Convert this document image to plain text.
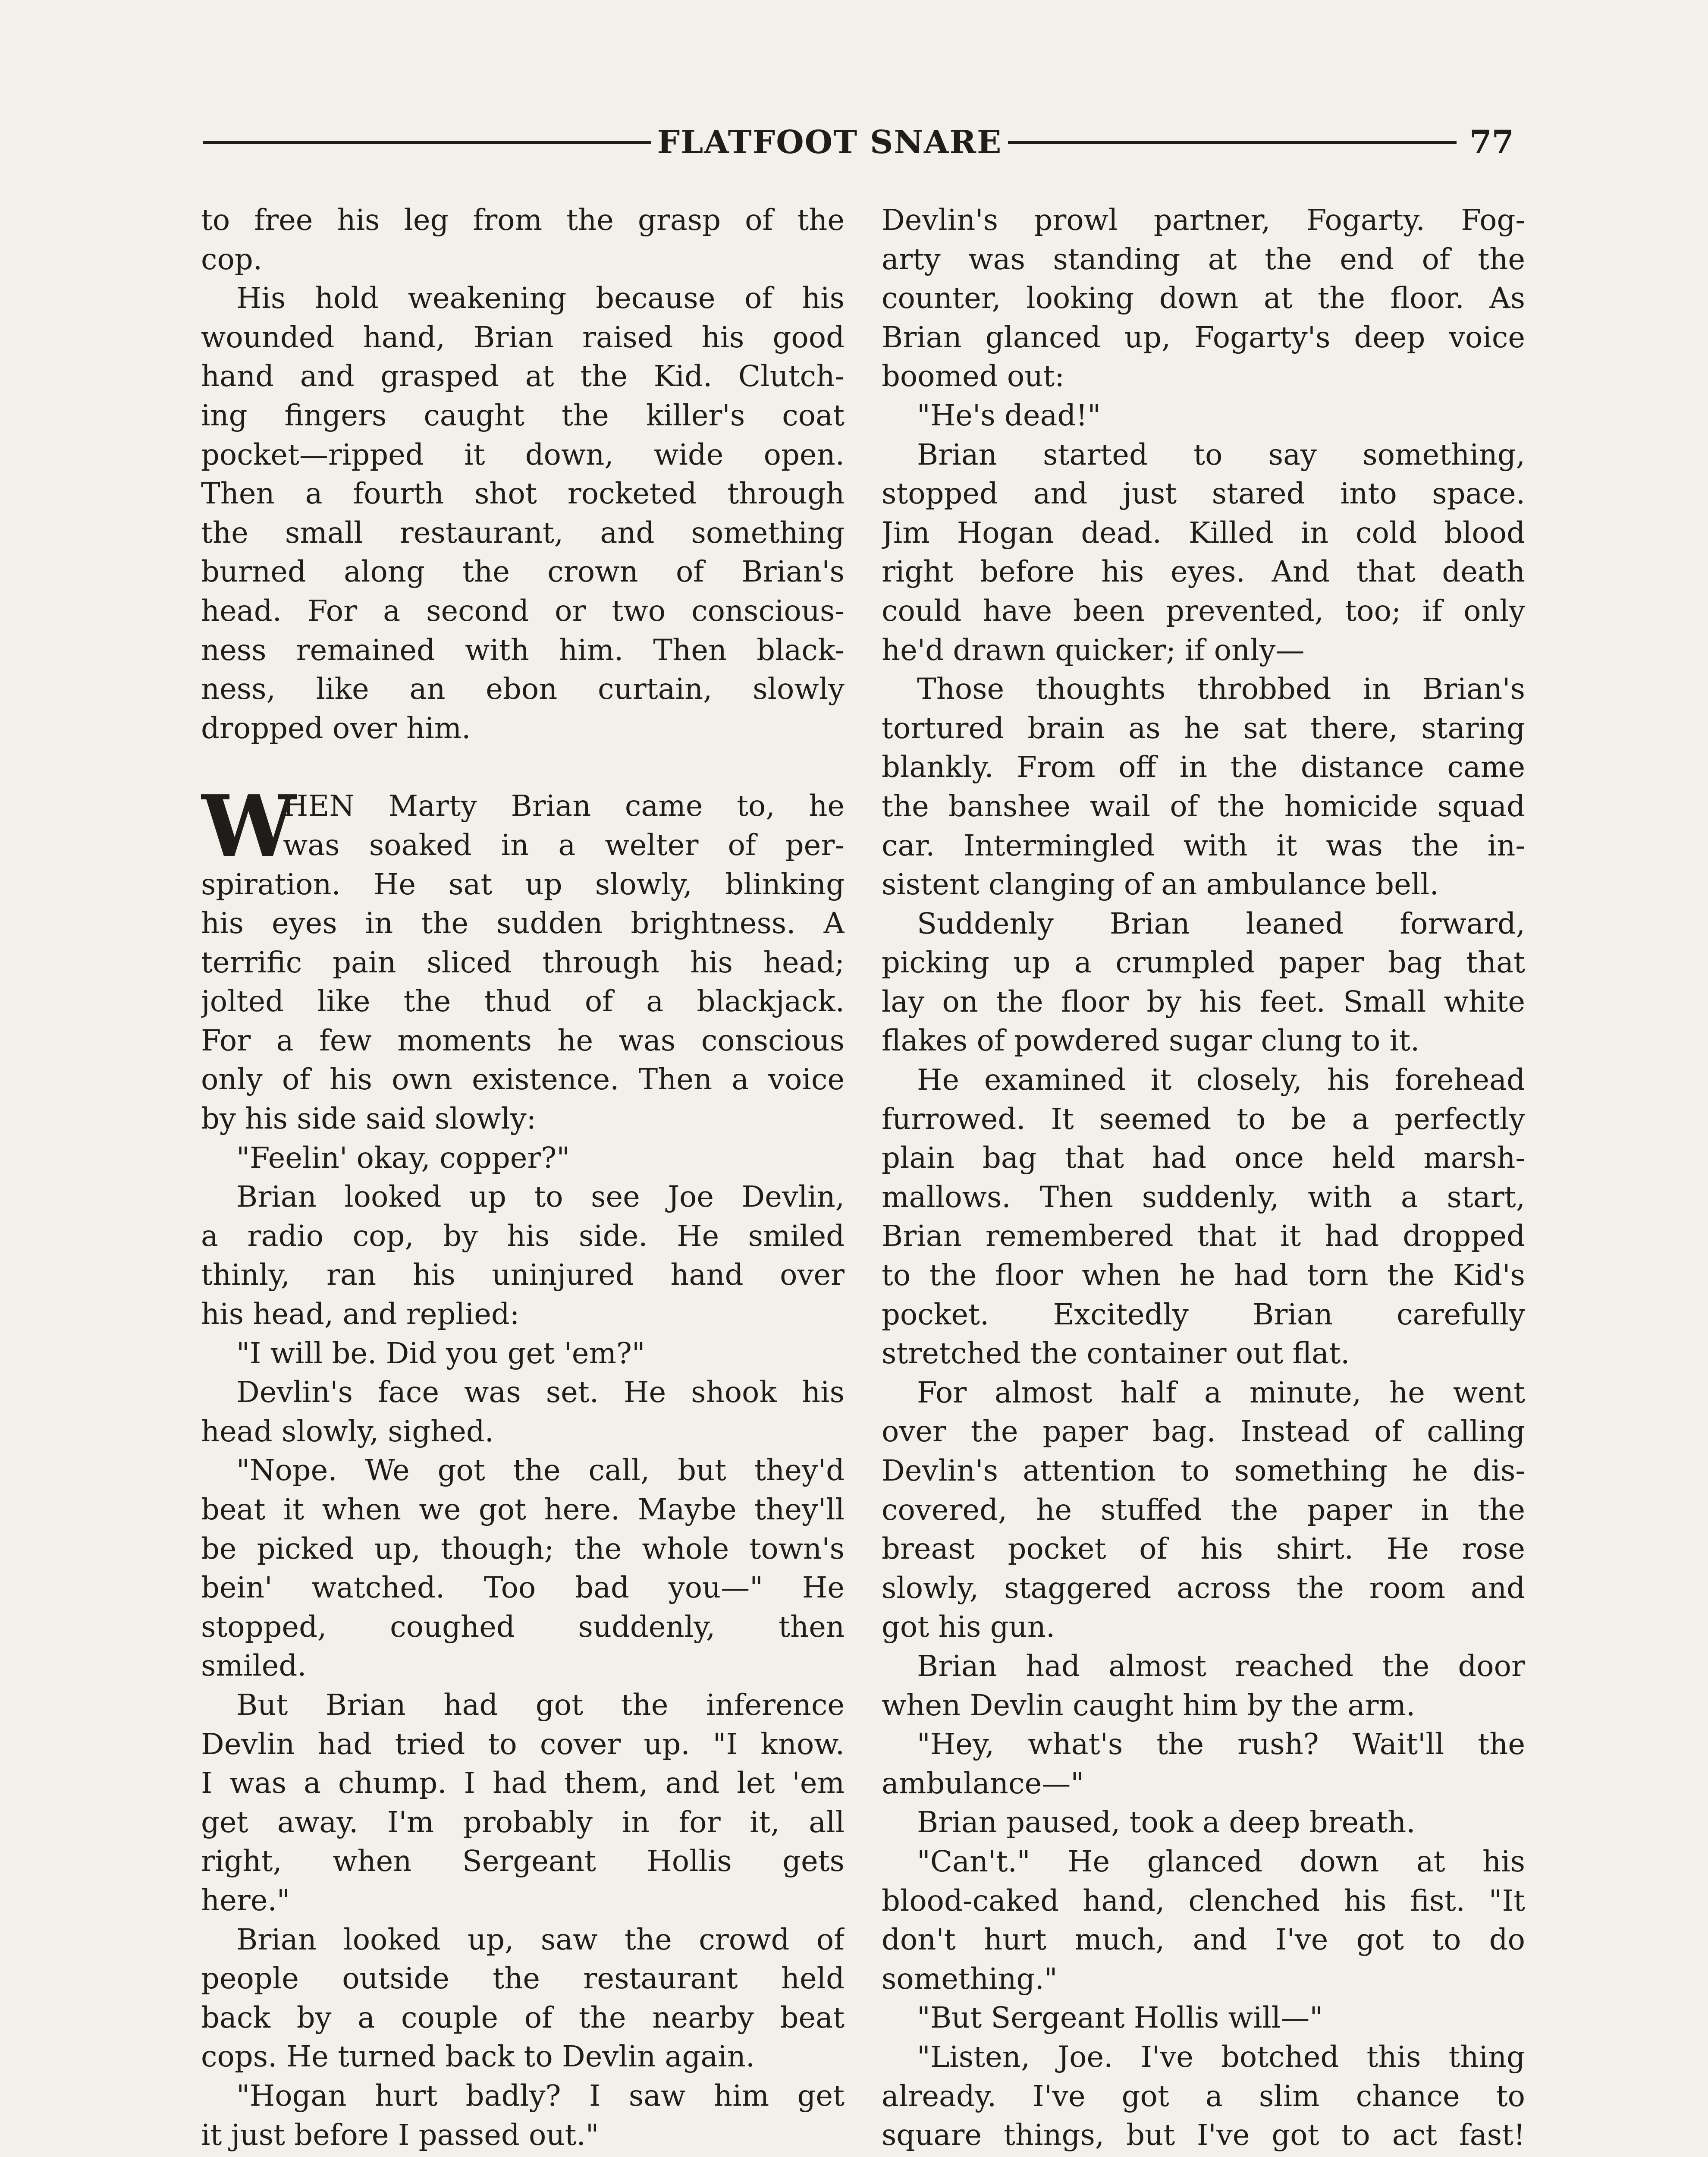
FLATFOOT SNARE	77
to free his leg from the grasp of the
cop.
His hold weakening because of his
wounded hand, Brian raised his good
hand and grasped at the Kid. Clutch-
ing fingers caught the killer's coat
pocket—ripped it down, wide open.
Then a fourth shot rocketed through
the small restaurant, and something
burned along the crown of Brian's
head. For a second or two conscious-
ness remained with him. Then black-
ness, like an ebon curtain, slowly
dropped over him.
W
HEN Marty Brian came to, he
was soaked in a welter of per-
spiration. He sat up slowly, blinking
his eyes in the sudden brightness. A
terrific pain sliced through his head;
jolted like the thud of a blackjack.
For a few moments he was conscious
only of his own existence. Then a voice
by his side said slowly:
"Feelin' okay, copper?"
Brian looked up to see Joe Devlin,
a radio cop, by his side. He smiled
thinly, ran his uninjured hand over
his head, and replied:
"I will be. Did you get 'em?"
Devlin's face was set. He shook his
head slowly, sighed.
"Nope. We got the call, but they'd
beat it when we got here. Maybe they'll
be picked up, though; the whole town's
bein' watched. Too bad you—" He
stopped, coughed suddenly, then
smiled.
But Brian had got the inference
Devlin had tried to cover up. "I know.
I was a chump. I had them, and let 'em
get away. I'm probably in for it, all
right, when Sergeant Hollis gets
here."
Brian looked up, saw the crowd of
people outside the restaurant held
back by a couple of the nearby beat
cops. He turned back to Devlin again.
"Hogan hurt badly? I saw him get
it just before I passed out."
Devlin's prowl partner, Fogarty. Fog-
arty was standing at the end of the
counter, looking down at the floor. As
Brian glanced up, Fogarty's deep voice
boomed out:
"He's dead!"
Brian started to say something,
stopped and just stared into space.
Jim Hogan dead. Killed in cold blood
right before his eyes. And that death
could have been prevented, too; if only
he'd drawn quicker; if only—
Those thoughts throbbed in Brian's
tortured brain as he sat there, staring
blankly. From off in the distance came
the banshee wail of the homicide squad
car. Intermingled with it was the in-
sistent clanging of an ambulance bell.
Suddenly Brian leaned forward,
picking up a crumpled paper bag that
lay on the floor by his feet. Small white
flakes of powdered sugar clung to it.
He examined it closely, his forehead
furrowed. It seemed to be a perfectly
plain bag that had once held marsh-
mallows. Then suddenly, with a start,
Brian remembered that it had dropped
to the floor when he had torn the Kid's
pocket. Excitedly Brian carefully
stretched the container out flat.
For almost half a minute, he went
over the paper bag. Instead of calling
Devlin's attention to something he dis-
covered, he stuffed the paper in the
breast pocket of his shirt. He rose
slowly, staggered across the room and
got his gun.
Brian had almost reached the door
when Devlin caught him by the arm.
"Hey, what's the rush? Wait'll the
ambulance—"
Brian paused, took a deep breath.
"Can't." He glanced down at his
blood-caked hand, clenched his fist. "It
don't hurt much, and I've got to do
something."
"But Sergeant Hollis will—"
"Listen, Joe. I've botched this thing
already. I've got a slim chance to
square things, but I've got to act fast!
